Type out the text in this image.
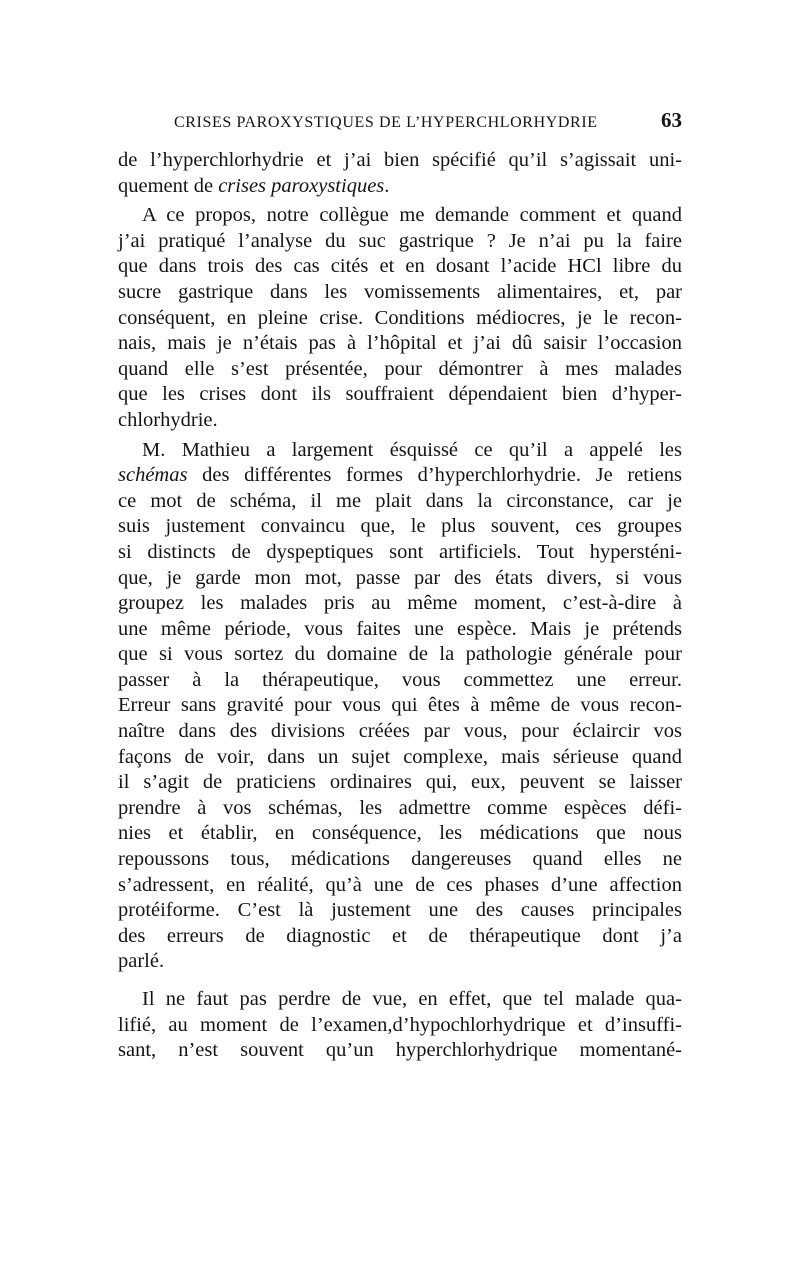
CRISES PAROXYSTIQUES DE L’HYPERCHLORHYDRIE	63
de l’hyperchlorhydrie et j’ai bien spécifié qu’il s’agissait uni-
quement de crises paroxystiques.
A ce propos, notre collègue me demande comment et quand
j’ai pratiqué l’analyse du suc gastrique ? Je n’ai pu la faire
que dans trois des cas cités et en dosant l’acide HCl libre du
sucre gastrique dans les vomissements alimentaires, et, par
conséquent, en pleine crise. Conditions médiocres, je le recon-
nais, mais je n’étais pas à l’hôpital et j’ai dû saisir l’occasion
quand elle s’est présentée, pour démontrer à mes malades
que les crises dont ils souffraient dépendaient bien d’hyper-
chlorhydrie.
M. Mathieu a largement ésquissé ce qu’il a appelé les
schémas des différentes formes d’hyperchlorhydrie. Je retiens
ce mot de schéma, il me plait dans la circonstance, car je
suis justement convaincu que, le plus souvent, ces groupes
si distincts de dyspeptiques sont artificiels. Tout hypersténi-
que, je garde mon mot, passe par des états divers, si vous
groupez les malades pris au même moment, c’est-à-dire à
une même période, vous faites une espèce. Mais je prétends
que si vous sortez du domaine de la pathologie générale pour
passer à la thérapeutique, vous commettez une erreur.
Erreur sans gravité pour vous qui êtes à même de vous recon-
naître dans des divisions créées par vous, pour éclaircir vos
façons de voir, dans un sujet complexe, mais sérieuse quand
il s’agit de praticiens ordinaires qui, eux, peuvent se laisser
prendre à vos schémas, les admettre comme espèces défi-
nies et établir, en conséquence, les médications que nous
repoussons tous, médications dangereuses quand elles ne
s’adressent, en réalité, qu’à une de ces phases d’une affection
protéiforme. C’est là justement une des causes principales
des erreurs de diagnostic et de thérapeutique dont j’a
parlé.
Il ne faut pas perdre de vue, en effet, que tel malade qua-
lifié, au moment de l’examen,d’hypochlorhydrique et d’insuffi-
sant, n’est souvent qu’un hyperchlorhydrique momentané-
